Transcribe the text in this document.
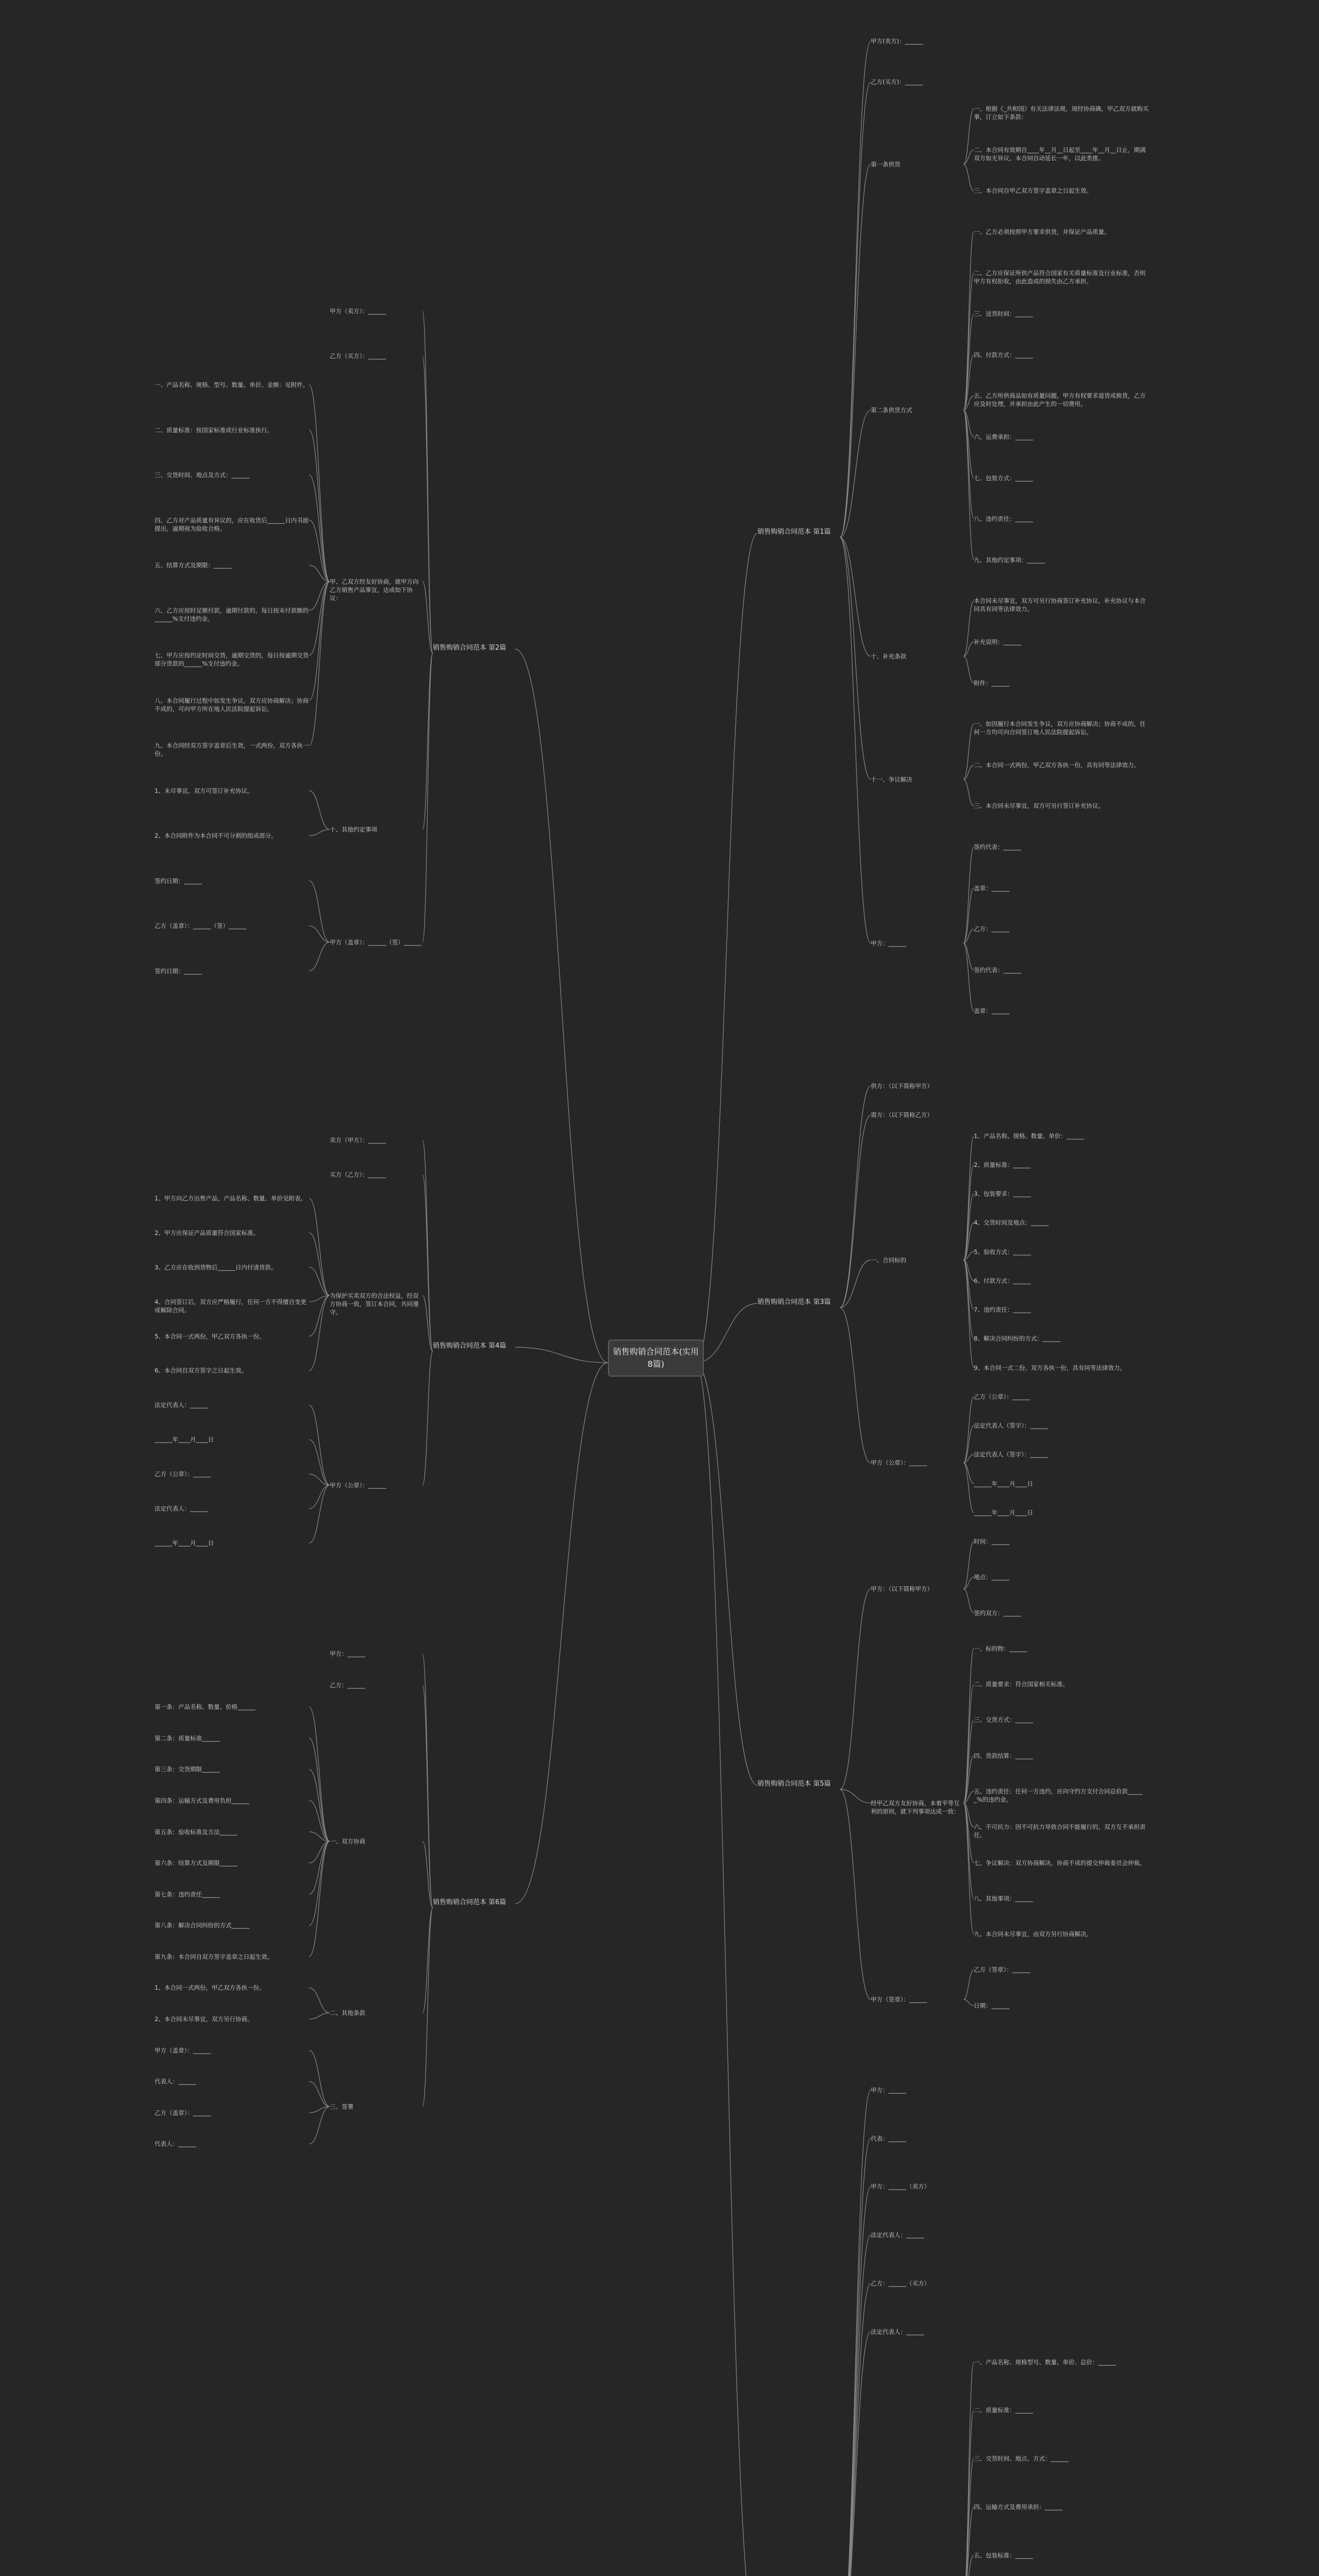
销售购销合同范本(实用8篇)
销售购销合同范本 第1篇
甲方(卖方)：______
乙方(买方)：______
第一条供货
一、根据《_共和国》有关法律法规，现经协商确，甲乙双方就购买事，订立如下条款：
二、本合同有效期自____年__月__日起至____年__月__日止，期满双方如无异议，本合同自动延长一年，以此类推。
三、本合同自甲乙双方签字盖章之日起生效。
第二条供货方式
一、乙方必须按照甲方要求供货，并保证产品质量。
二、乙方应保证所供产品符合国家有关质量标准及行业标准，否则甲方有权拒收，由此造成的损失由乙方承担。
三、送货时间：______
四、付款方式：______
五、乙方所供商品如有质量问题，甲方有权要求退货或换货，乙方应及时处理，并承担由此产生的一切费用。
六、运费承担：______
七、包装方式：______
八、违约责任：______
九、其他约定事项：______
十、补充条款
本合同未尽事宜，双方可另行协商签订补充协议，补充协议与本合同具有同等法律效力。
补充说明：______
附件：______
十一、争议解决
一、如因履行本合同发生争议，双方应协商解决；协商不成的，任何一方均可向合同签订地人民法院提起诉讼。
二、本合同一式两份，甲乙双方各执一份，具有同等法律效力。
三、本合同未尽事宜，双方可另行签订补充协议。
甲方：______
签约代表：______
盖章：______
乙方：______
签约代表：______
盖章：______
销售购销合同范本 第2篇
甲方（卖方）：______
乙方（买方）：______
甲、乙双方经友好协商，就甲方向乙方销售产品事宜，达成如下协议：
一、产品名称、规格、型号、数量、单价、金额：见附件。
二、质量标准：按国家标准或行业标准执行。
三、交货时间、地点及方式：______
四、乙方对产品质量有异议的，应在收货后______日内书面提出，逾期视为验收合格。
五、结算方式及期限：______
六、乙方应按时足额付款，逾期付款的，每日按未付款额的______%支付违约金。
七、甲方应按约定时间交货，逾期交货的，每日按逾期交货部分货款的______%支付违约金。
八、本合同履行过程中如发生争议，双方应协商解决；协商不成的，可向甲方所在地人民法院提起诉讼。
九、本合同经双方签字盖章后生效，一式两份，双方各执一份。
十、其他约定事项
1、未尽事宜，双方可签订补充协议。
2、本合同附件为本合同不可分割的组成部分。
甲方（盖章）：______（签）______
签约日期：______
乙方（盖章）：______（签）______
签约日期：______
销售购销合同范本 第3篇
供方：（以下简称甲方）
需方：（以下简称乙方）
一、合同标的
1、产品名称、规格、数量、单价：______
2、质量标准：______
3、包装要求：______
4、交货时间及地点：______
5、验收方式：______
6、付款方式：______
7、违约责任：______
8、解决合同纠纷的方式：______
9、本合同一式二份，双方各执一份，具有同等法律效力。
甲方（公章）：______
乙方（公章）：______
法定代表人（签字）：______
法定代表人（签字）：______
______年____月____日
______年____月____日
销售购销合同范本 第4篇
卖方（甲方）：______
买方（乙方）：______
为保护买卖双方的合法权益，经双方协商一致，签订本合同，共同遵守。
1、甲方向乙方出售产品，产品名称、数量、单价见附表。
2、甲方应保证产品质量符合国家标准。
3、乙方应在收到货物后______日内付清货款。
4、合同签订后，双方应严格履行，任何一方不得擅自变更或解除合同。
5、本合同一式两份，甲乙双方各执一份。
6、本合同自双方签字之日起生效。
甲方（公章）：______
法定代表人：______
______年____月____日
乙方（公章）：______
法定代表人：______
______年____月____日
销售购销合同范本 第5篇
甲方：（以下简称甲方）
时间：______
地点：______
签约双方：______
经甲乙双方友好协商，本着平等互利的原则，就下列事项达成一致：
一、标的物：______
二、质量要求：符合国家相关标准。
三、交货方式：______
四、货款结算：______
五、违约责任：任何一方违约，应向守约方支付合同总价款______%的违约金。
六、不可抗力：因不可抗力导致合同不能履行的，双方互不承担责任。
七、争议解决：双方协商解决，协商不成的提交仲裁委员会仲裁。
八、其他事项：______
九、本合同未尽事宜，由双方另行协商解决。
甲方（签章）：______
乙方（签章）：______
日期：______
销售购销合同范本 第6篇
甲方：______
乙方：______
一、双方协商
第一条：产品名称、数量、价格______
第二条：质量标准______
第三条：交货期限______
第四条：运输方式及费用负担______
第五条：验收标准及方法______
第六条：结算方式及期限______
第七条：违约责任______
第八条：解决合同纠纷的方式______
第九条：本合同自双方签字盖章之日起生效。
二、其他条款
1、本合同一式两份，甲乙双方各执一份。
2、本合同未尽事宜，双方另行协商。
三、签署
甲方（盖章）：______
代表人：______
乙方（盖章）：______
代表人：______
甲方：______
代表：______
甲方：______（卖方）
法定代表人：______
乙方：______（买方）
法定代表人：______
一、产品名称、规格型号、数量、单价、总价：______
二、质量标准：______
三、交货时间、地点、方式：______
四、运输方式及费用承担：______
五、包装标准：______
